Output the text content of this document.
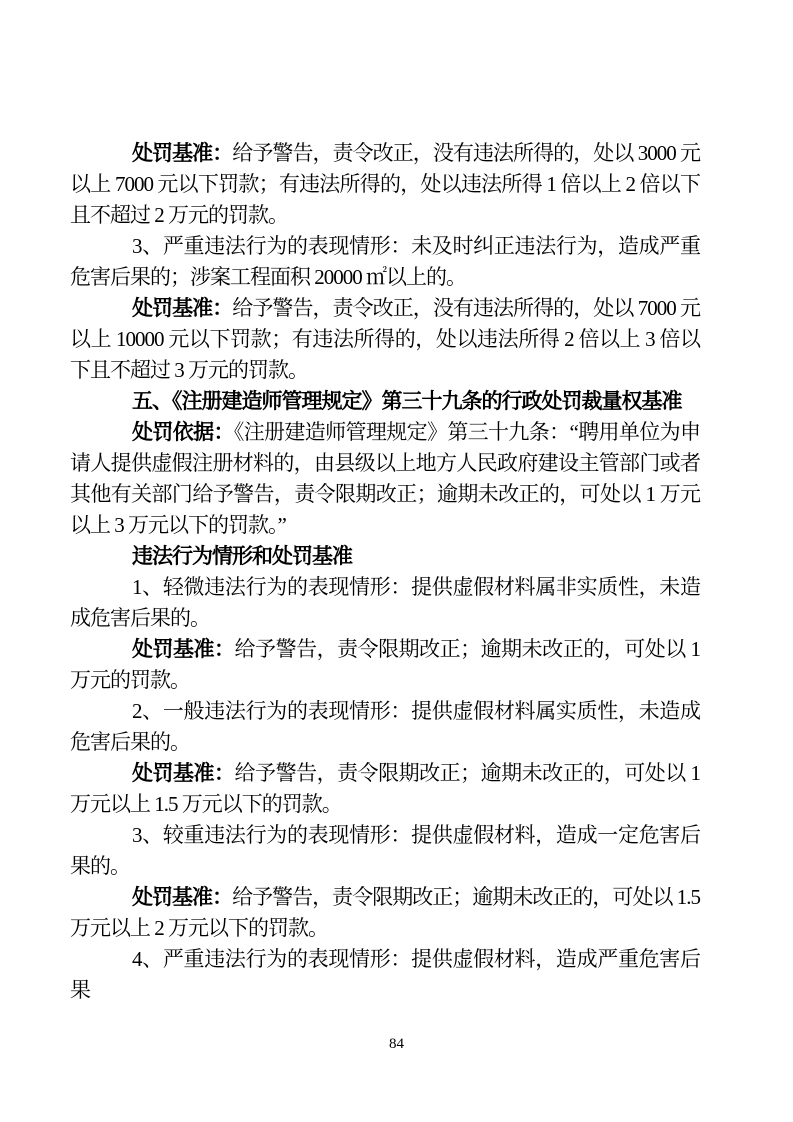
处罚基准：给予警告，责令改正，没有违法所得的，处以 3000 元以上 7000 元以下罚款；有违法所得的，处以违法所得 1 倍以上 2 倍以下且不超过 2 万元的罚款。

3、严重违法行为的表现情形：未及时纠正违法行为，造成严重危害后果的；涉案工程面积 20000 ㎡以上的。

处罚基准：给予警告，责令改正，没有违法所得的，处以 7000 元以上 10000 元以下罚款；有违法所得的，处以违法所得 2 倍以上 3 倍以下且不超过 3 万元的罚款。

五、《注册建造师管理规定》第三十九条的行政处罚裁量权基准

处罚依据：《注册建造师管理规定》第三十九条：“聘用单位为申请人提供虚假注册材料的，由县级以上地方人民政府建设主管部门或者其他有关部门给予警告，责令限期改正；逾期未改正的，可处以 1 万元以上 3 万元以下的罚款。”

违法行为情形和处罚基准

1、轻微违法行为的表现情形：提供虚假材料属非实质性，未造成危害后果的。

处罚基准：给予警告，责令限期改正；逾期未改正的，可处以 1 万元的罚款。

2、一般违法行为的表现情形：提供虚假材料属实质性，未造成危害后果的。

处罚基准：给予警告，责令限期改正；逾期未改正的，可处以 1 万元以上 1.5 万元以下的罚款。

3、较重违法行为的表现情形：提供虚假材料，造成一定危害后果的。

处罚基准：给予警告，责令限期改正；逾期未改正的，可处以 1.5 万元以上 2 万元以下的罚款。

4、严重违法行为的表现情形：提供虚假材料，造成严重危害后果

84
